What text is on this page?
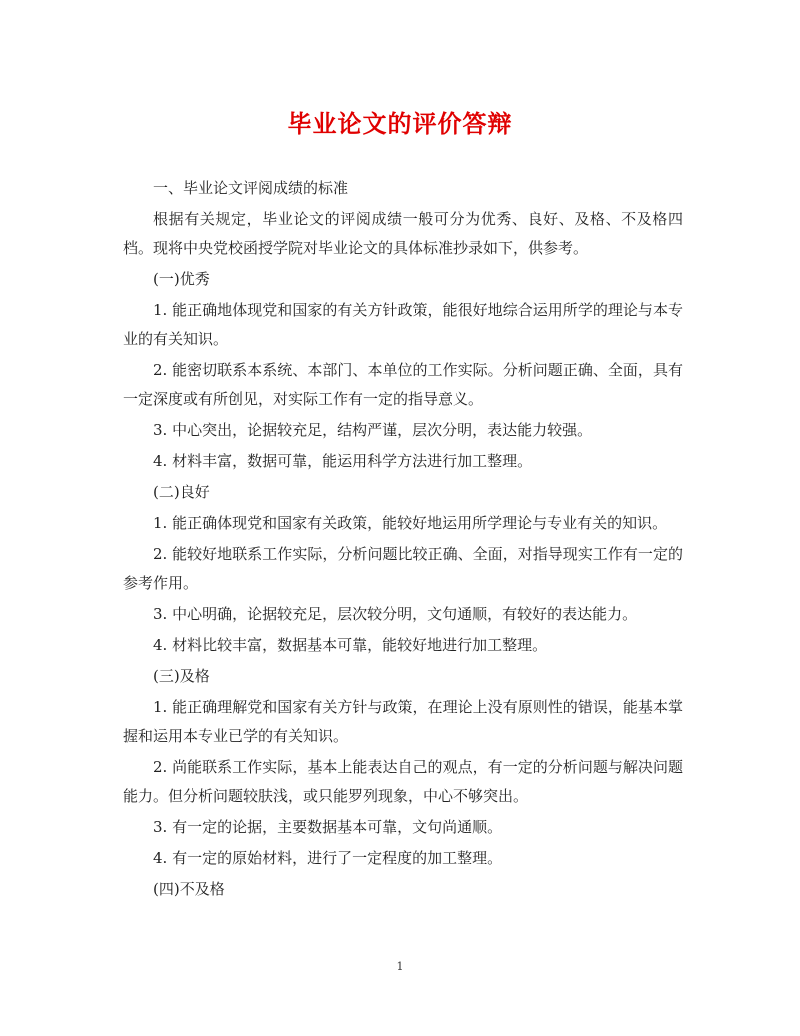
毕业论文的评价答辩

一、毕业论文评阅成绩的标准

根据有关规定，毕业论文的评阅成绩一般可分为优秀、良好、及格、不及格四档。现将中央党校函授学院对毕业论文的具体标准抄录如下，供参考。

(一)优秀

1. 能正确地体现党和国家的有关方针政策，能很好地综合运用所学的理论与本专业的有关知识。

2. 能密切联系本系统、本部门、本单位的工作实际。分析问题正确、全面，具有一定深度或有所创见，对实际工作有一定的指导意义。

3. 中心突出，论据较充足，结构严谨，层次分明，表达能力较强。

4. 材料丰富，数据可靠，能运用科学方法进行加工整理。

(二)良好

1. 能正确体现党和国家有关政策，能较好地运用所学理论与专业有关的知识。

2. 能较好地联系工作实际，分析问题比较正确、全面，对指导现实工作有一定的参考作用。

3. 中心明确，论据较充足，层次较分明，文句通顺，有较好的表达能力。

4. 材料比较丰富，数据基本可靠，能较好地进行加工整理。

(三)及格

1. 能正确理解党和国家有关方针与政策，在理论上没有原则性的错误，能基本掌握和运用本专业已学的有关知识。

2. 尚能联系工作实际，基本上能表达自己的观点，有一定的分析问题与解决问题能力。但分析问题较肤浅，或只能罗列现象，中心不够突出。

3. 有一定的论据，主要数据基本可靠，文句尚通顺。

4. 有一定的原始材料，进行了一定程度的加工整理。

(四)不及格

1
